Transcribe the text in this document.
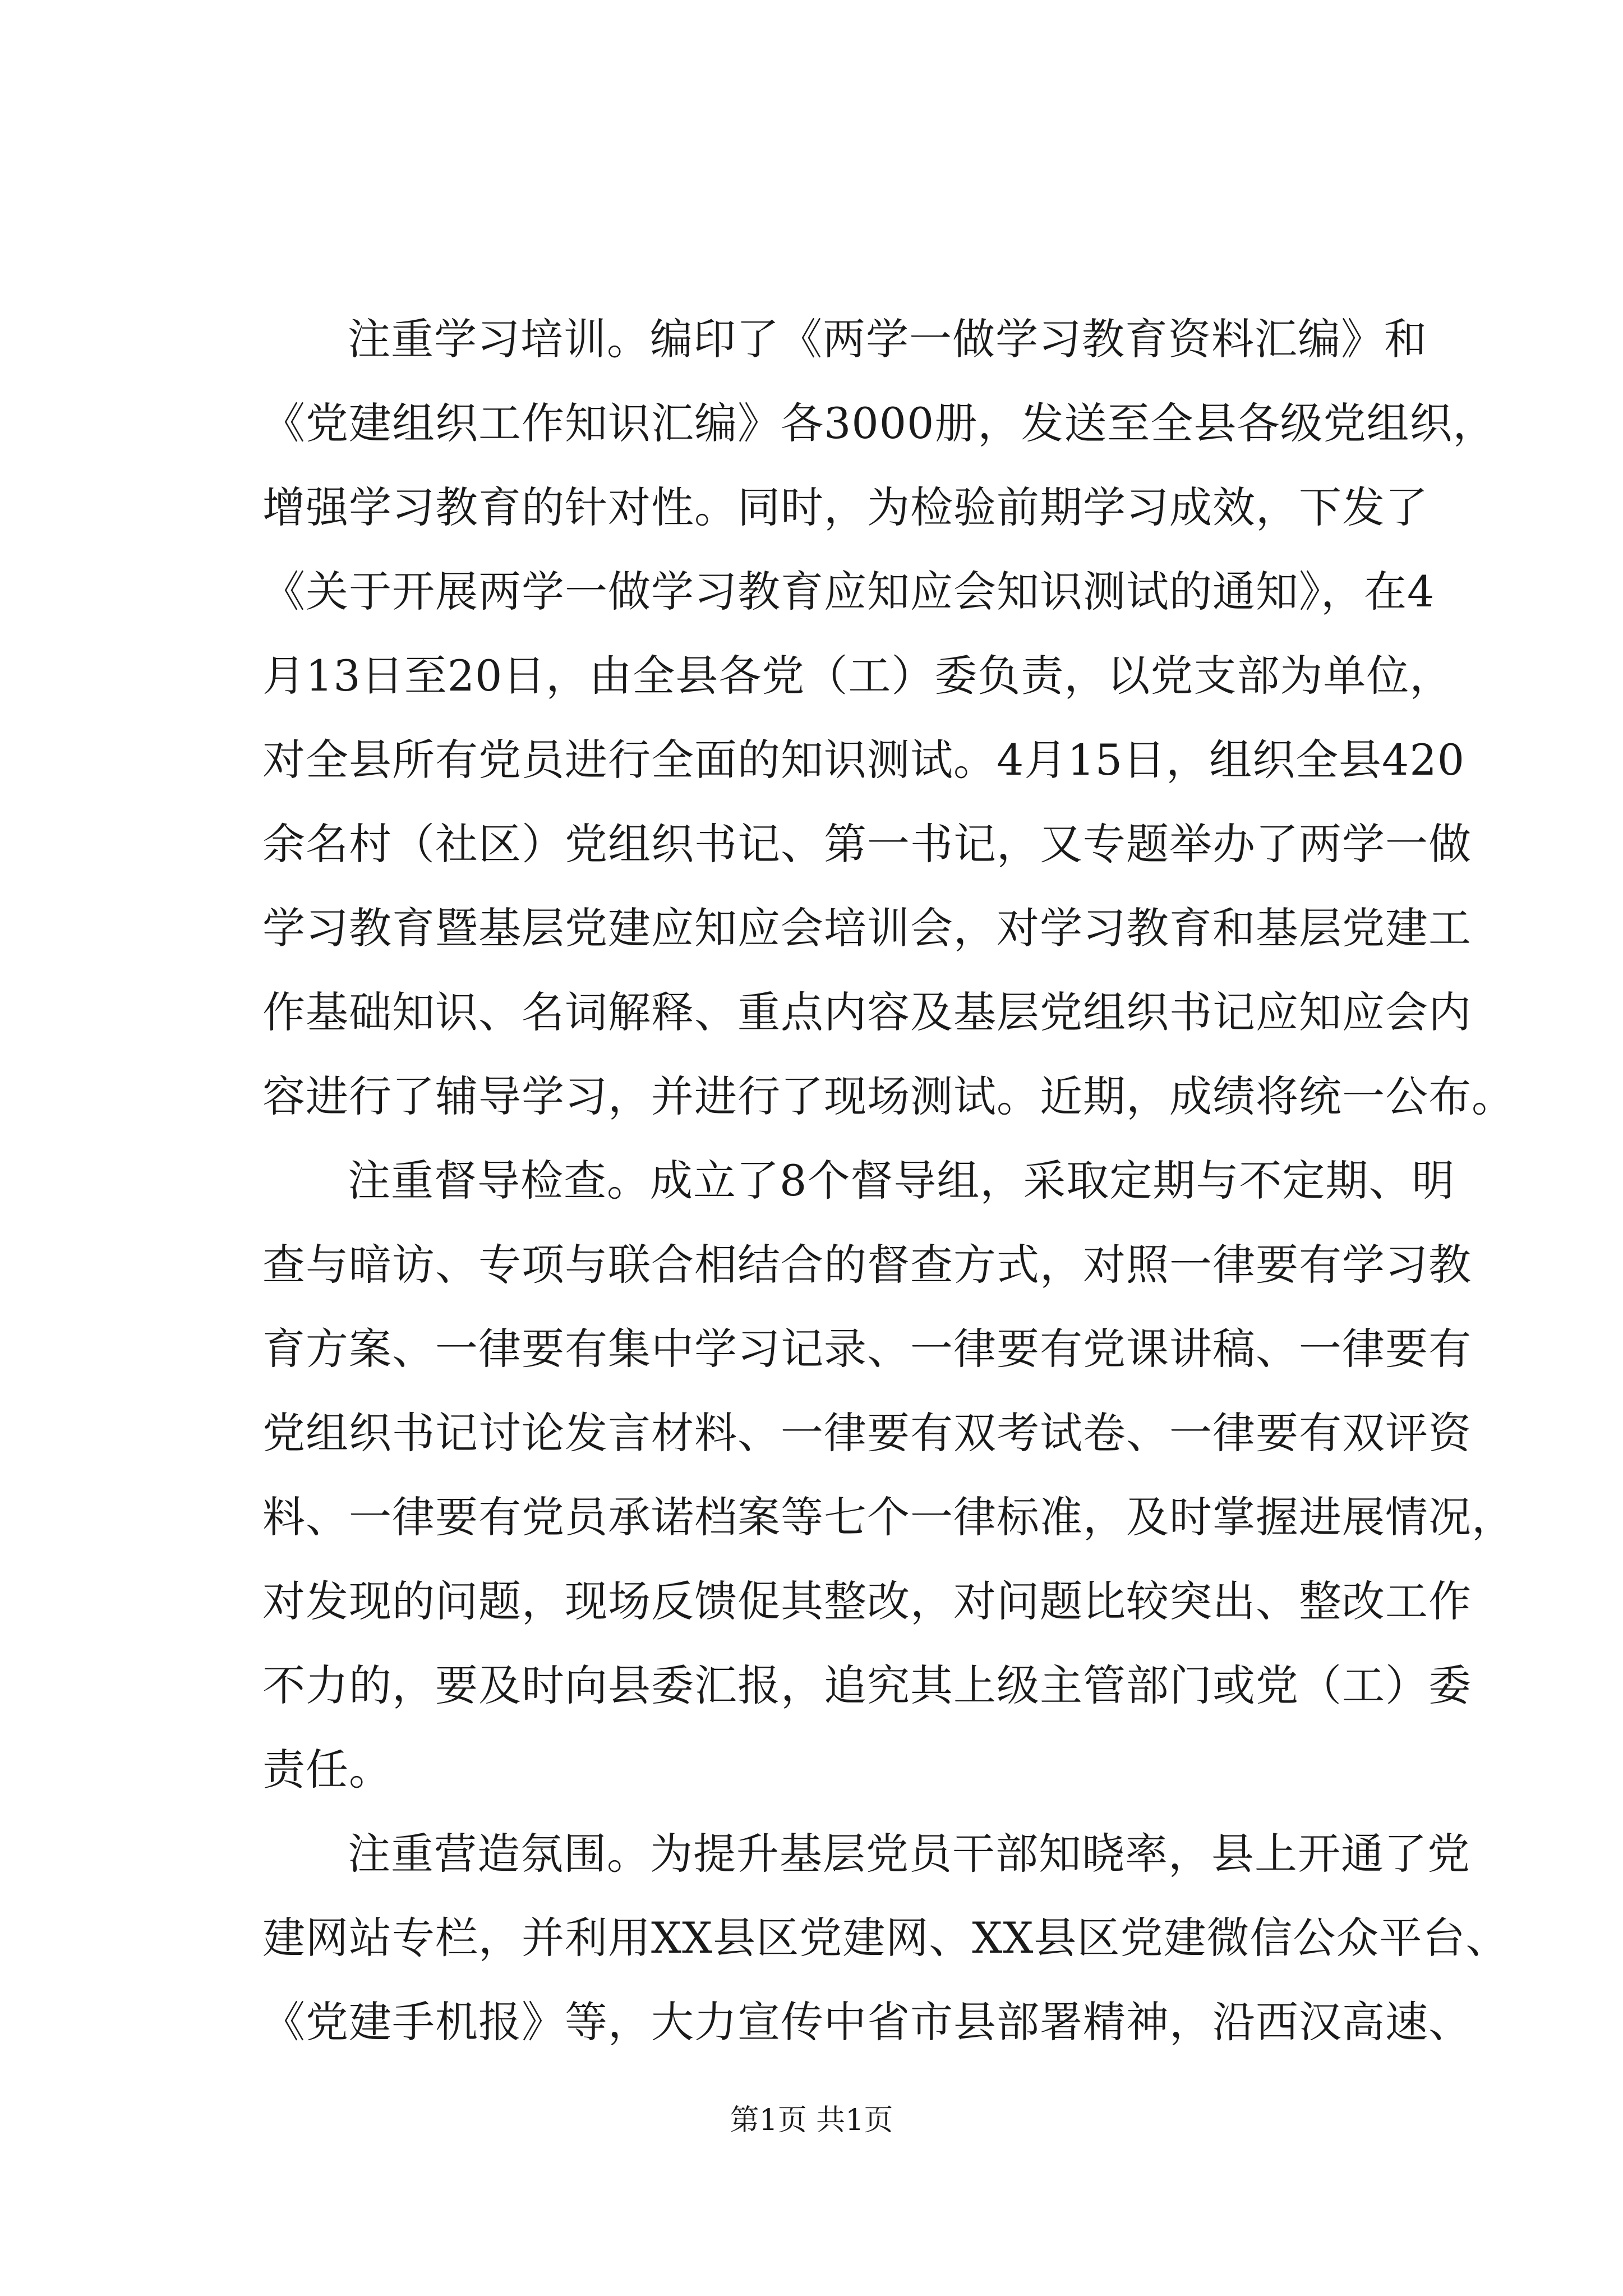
注重学习培训。编印了《两学一做学习教育资料汇编》和
《党建组织工作知识汇编》各3000册，发送至全县各级党组织，
增强学习教育的针对性。同时，为检验前期学习成效，下发了
《关于开展两学一做学习教育应知应会知识测试的通知》，在4
月13日至20日，由全县各党（工）委负责，以党支部为单位，
对全县所有党员进行全面的知识测试。4月15日，组织全县420
余名村（社区）党组织书记、第一书记，又专题举办了两学一做
学习教育暨基层党建应知应会培训会，对学习教育和基层党建工
作基础知识、名词解释、重点内容及基层党组织书记应知应会内
容进行了辅导学习，并进行了现场测试。近期，成绩将统一公布。
注重督导检查。成立了8个督导组，采取定期与不定期、明
查与暗访、专项与联合相结合的督查方式，对照一律要有学习教
育方案、一律要有集中学习记录、一律要有党课讲稿、一律要有
党组织书记讨论发言材料、一律要有双考试卷、一律要有双评资
料、一律要有党员承诺档案等七个一律标准，及时掌握进展情况，
对发现的问题，现场反馈促其整改，对问题比较突出、整改工作
不力的，要及时向县委汇报，追究其上级主管部门或党（工）委
责任。
注重营造氛围。为提升基层党员干部知晓率，县上开通了党
建网站专栏，并利用XX县区党建网、XX县区党建微信公众平台、
《党建手机报》等，大力宣传中省市县部署精神，沿西汉高速、
第1页 共1页
